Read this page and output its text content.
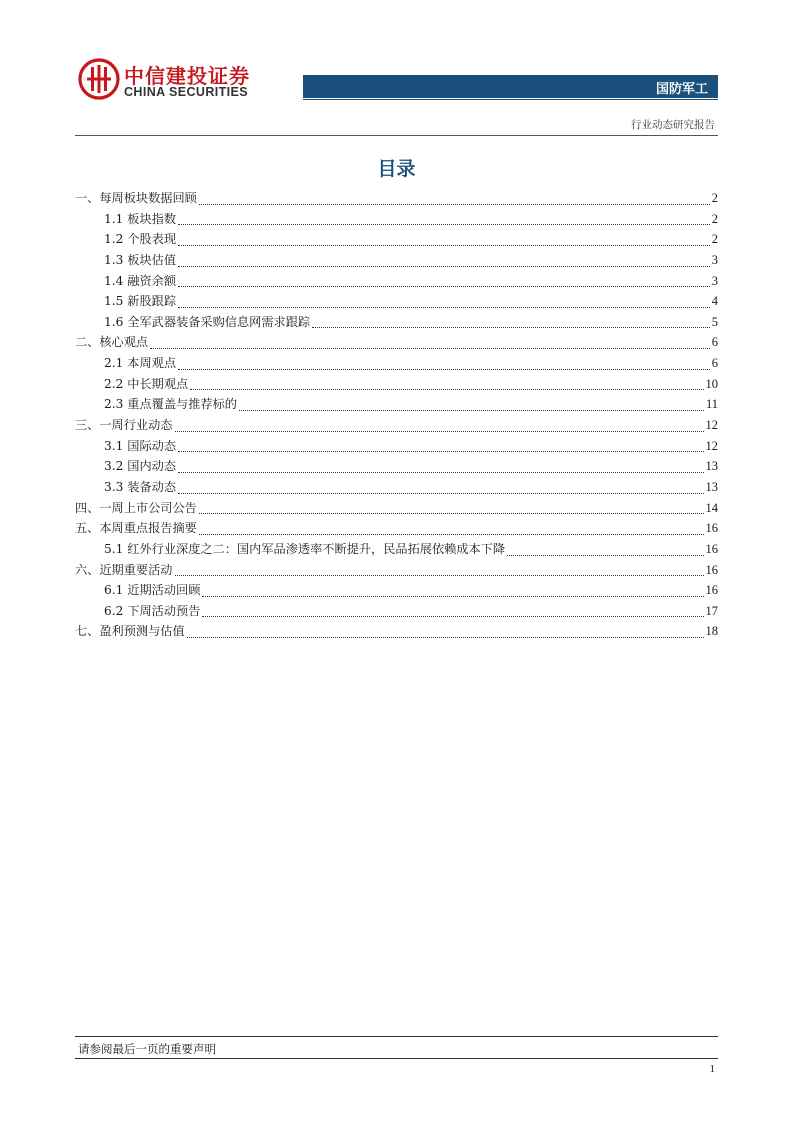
中信建投证券
CHINA SECURITIES	国防军工
行业动态研究报告
目录
一、每周板块数据回顾	2
1.1 板块指数	2
1.2 个股表现	2
1.3 板块估值	3
1.4 融资余额	3
1.5 新股跟踪	4
1.6 全军武器装备采购信息网需求跟踪	5
二、核心观点	6
2.1 本周观点	6
2.2 中长期观点	10
2.3 重点覆盖与推荐标的	11
三、一周行业动态	12
3.1 国际动态	12
3.2 国内动态	13
3.3 装备动态	13
四、一周上市公司公告	14
五、本周重点报告摘要	16
5.1 红外行业深度之二：国内军品渗透率不断提升，民品拓展依赖成本下降	16
六、近期重要活动	16
6.1 近期活动回顾	16
6.2 下周活动预告	17
七、盈利预测与估值	18
请参阅最后一页的重要声明
1
